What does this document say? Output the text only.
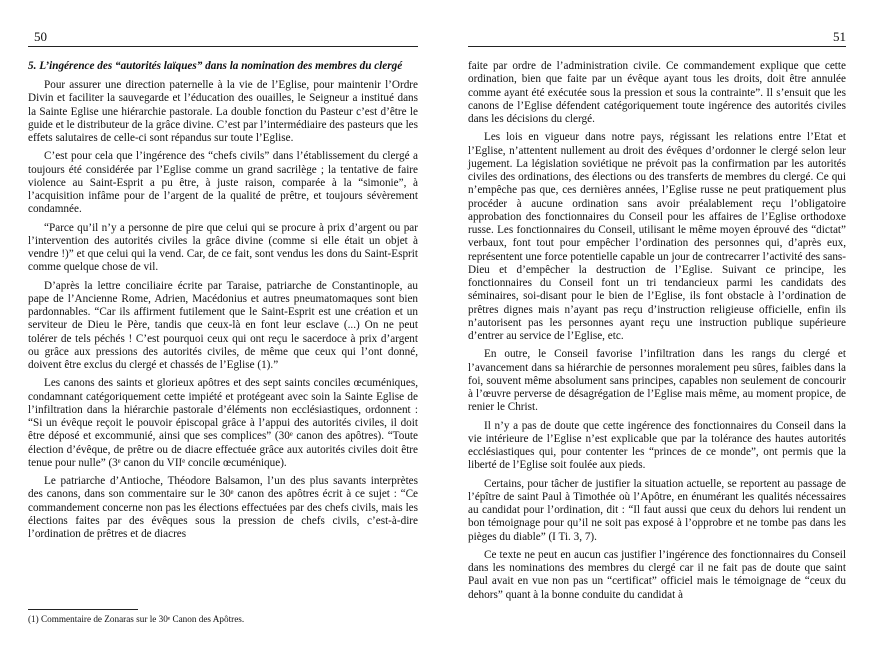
50
5. L’ingérence des “autorités laïques” dans la nomination des membres du clergé

Pour assurer une direction paternelle à la vie de l’Eglise, pour maintenir l’Ordre Divin et faciliter la sauvegarde et l’éducation des ouailles, le Seigneur a institué dans la Sainte Eglise une hiérarchie pastorale. La double fonction du Pasteur c’est d’être le guide et le distributeur de la grâce divine. C’est par l’intermédiaire des pasteurs que les effets salutaires de celle-ci sont répandus sur toute l’Eglise.

C’est pour cela que l’ingérence des “chefs civils” dans l’établissement du clergé a toujours été considérée par l’Eglise comme un grand sacrilège ; la tentative de faire violence au Saint-Esprit a pu être, à juste raison, comparée à la “simonie”, à l’acquisition infâme pour de l’argent de la qualité de prêtre, et toujours sévèrement condamnée.

“Parce qu’il n’y a personne de pire que celui qui se procure à prix d’argent ou par l’intervention des autorités civiles la grâce divine (comme si elle était un objet à vendre !)” et que celui qui la vend. Car, de ce fait, sont vendus les dons du Saint-Esprit comme quelque chose de vil.

D’après la lettre conciliaire écrite par Taraise, patriarche de Constantinople, au pape de l’Ancienne Rome, Adrien, Macédonius et autres pneumatomaques sont bien pardonnables. “Car ils affirment futilement que le Saint-Esprit est une création et un serviteur de Dieu le Père, tandis que ceux-là en font leur esclave (...) On ne peut tolérer de tels péchés ! C’est pourquoi ceux qui ont reçu le sacerdoce à prix d’argent ou grâce aux pressions des autorités civiles, de même que ceux qui l’ont donné, doivent être exclus du clergé et chassés de l’Eglise (1).”

Les canons des saints et glorieux apôtres et des sept saints conciles œcuméniques, condamnant catégoriquement cette impiété et protégeant avec soin la Sainte Eglise de l’infiltration dans la hiérarchie pastorale d’éléments non ecclésiastiques, ordonnent : “Si un évêque reçoit le pouvoir épiscopal grâce à l’appui des autorités civiles, il doit être déposé et excommunié, ainsi que ses complices” (30ᵉ canon des apôtres). “Toute élection d’évêque, de prêtre ou de diacre effectuée grâce aux autorités civiles doit être tenue pour nulle” (3ᵉ canon du VIIᵉ concile œcuménique).

Le patriarche d’Antioche, Théodore Balsamon, l’un des plus savants interprètes des canons, dans son commentaire sur le 30ᵉ canon des apôtres écrit à ce sujet : “Ce commandement concerne non pas les élections effectuées par des chefs civils, mais les élections faites par des évêques sous la pression de chefs civils, c’est-à-dire l’ordination de prêtres et de diacres

(1) Commentaire de Zonaras sur le 30ᵉ Canon des Apôtres.
51

faite par ordre de l’administration civile. Ce commandement explique que cette ordination, bien que faite par un évêque ayant tous les droits, doit être annulée comme ayant été exécutée sous la pression et sous la contrainte”. Il s’ensuit que les canons de l’Eglise défendent catégoriquement toute ingérence des autorités civiles dans les décisions du clergé.

Les lois en vigueur dans notre pays, régissant les relations entre l’Etat et l’Eglise, n’attentent nullement au droit des évêques d’ordonner le clergé selon leur jugement. La législation soviétique ne prévoit pas la confirmation par les autorités civiles des ordinations, des élections ou des transferts de membres du clergé. Ce qui n’empêche pas que, ces dernières années, l’Eglise russe ne peut pratiquement plus procéder à aucune ordination sans avoir préalablement reçu l’obligatoire approbation des fonctionnaires du Conseil pour les affaires de l’Eglise orthodoxe russe. Les fonctionnaires du Conseil, utilisant le même moyen éprouvé des “dictat” verbaux, font tout pour empêcher l’ordination des personnes qui, d’après eux, représentent une force potentielle capable un jour de contrecarrer l’activité des sans-Dieu et d’empêcher la destruction de l’Eglise. Suivant ce principe, les fonctionnaires du Conseil font un tri tendancieux parmi les candidats des séminaires, soi-disant pour le bien de l’Eglise, ils font obstacle à l’ordination de prêtres dignes mais n’ayant pas reçu d’instruction religieuse officielle, enfin ils n’autorisent pas les personnes ayant reçu une instruction publique supérieure d’entrer au service de l’Eglise, etc.

En outre, le Conseil favorise l’infiltration dans les rangs du clergé et l’avancement dans sa hiérarchie de personnes moralement peu sûres, faibles dans la foi, souvent même absolument sans principes, capables non seulement de concourir à l’œuvre perverse de désagrégation de l’Eglise mais même, au moment propice, de renier le Christ.

Il n’y a pas de doute que cette ingérence des fonctionnaires du Conseil dans la vie intérieure de l’Eglise n’est explicable que par la tolérance des hautes autorités ecclésiastiques qui, pour contenter les “princes de ce monde”, ont permis que la liberté de l’Eglise soit foulée aux pieds.

Certains, pour tâcher de justifier la situation actuelle, se reportent au passage de l’épître de saint Paul à Timothée où l’Apôtre, en énumérant les qualités nécessaires au candidat pour l’ordination, dit : “Il faut aussi que ceux du dehors lui rendent un bon témoignage pour qu’il ne soit pas exposé à l’opprobre et ne tombe pas dans les pièges du diable” (I Ti. 3, 7).

Ce texte ne peut en aucun cas justifier l’ingérence des fonctionnaires du Conseil dans les nominations des membres du clergé car il ne fait pas de doute que saint Paul avait en vue non pas un “certificat” officiel mais le témoignage de “ceux du dehors” quant à la bonne conduite du candidat à
